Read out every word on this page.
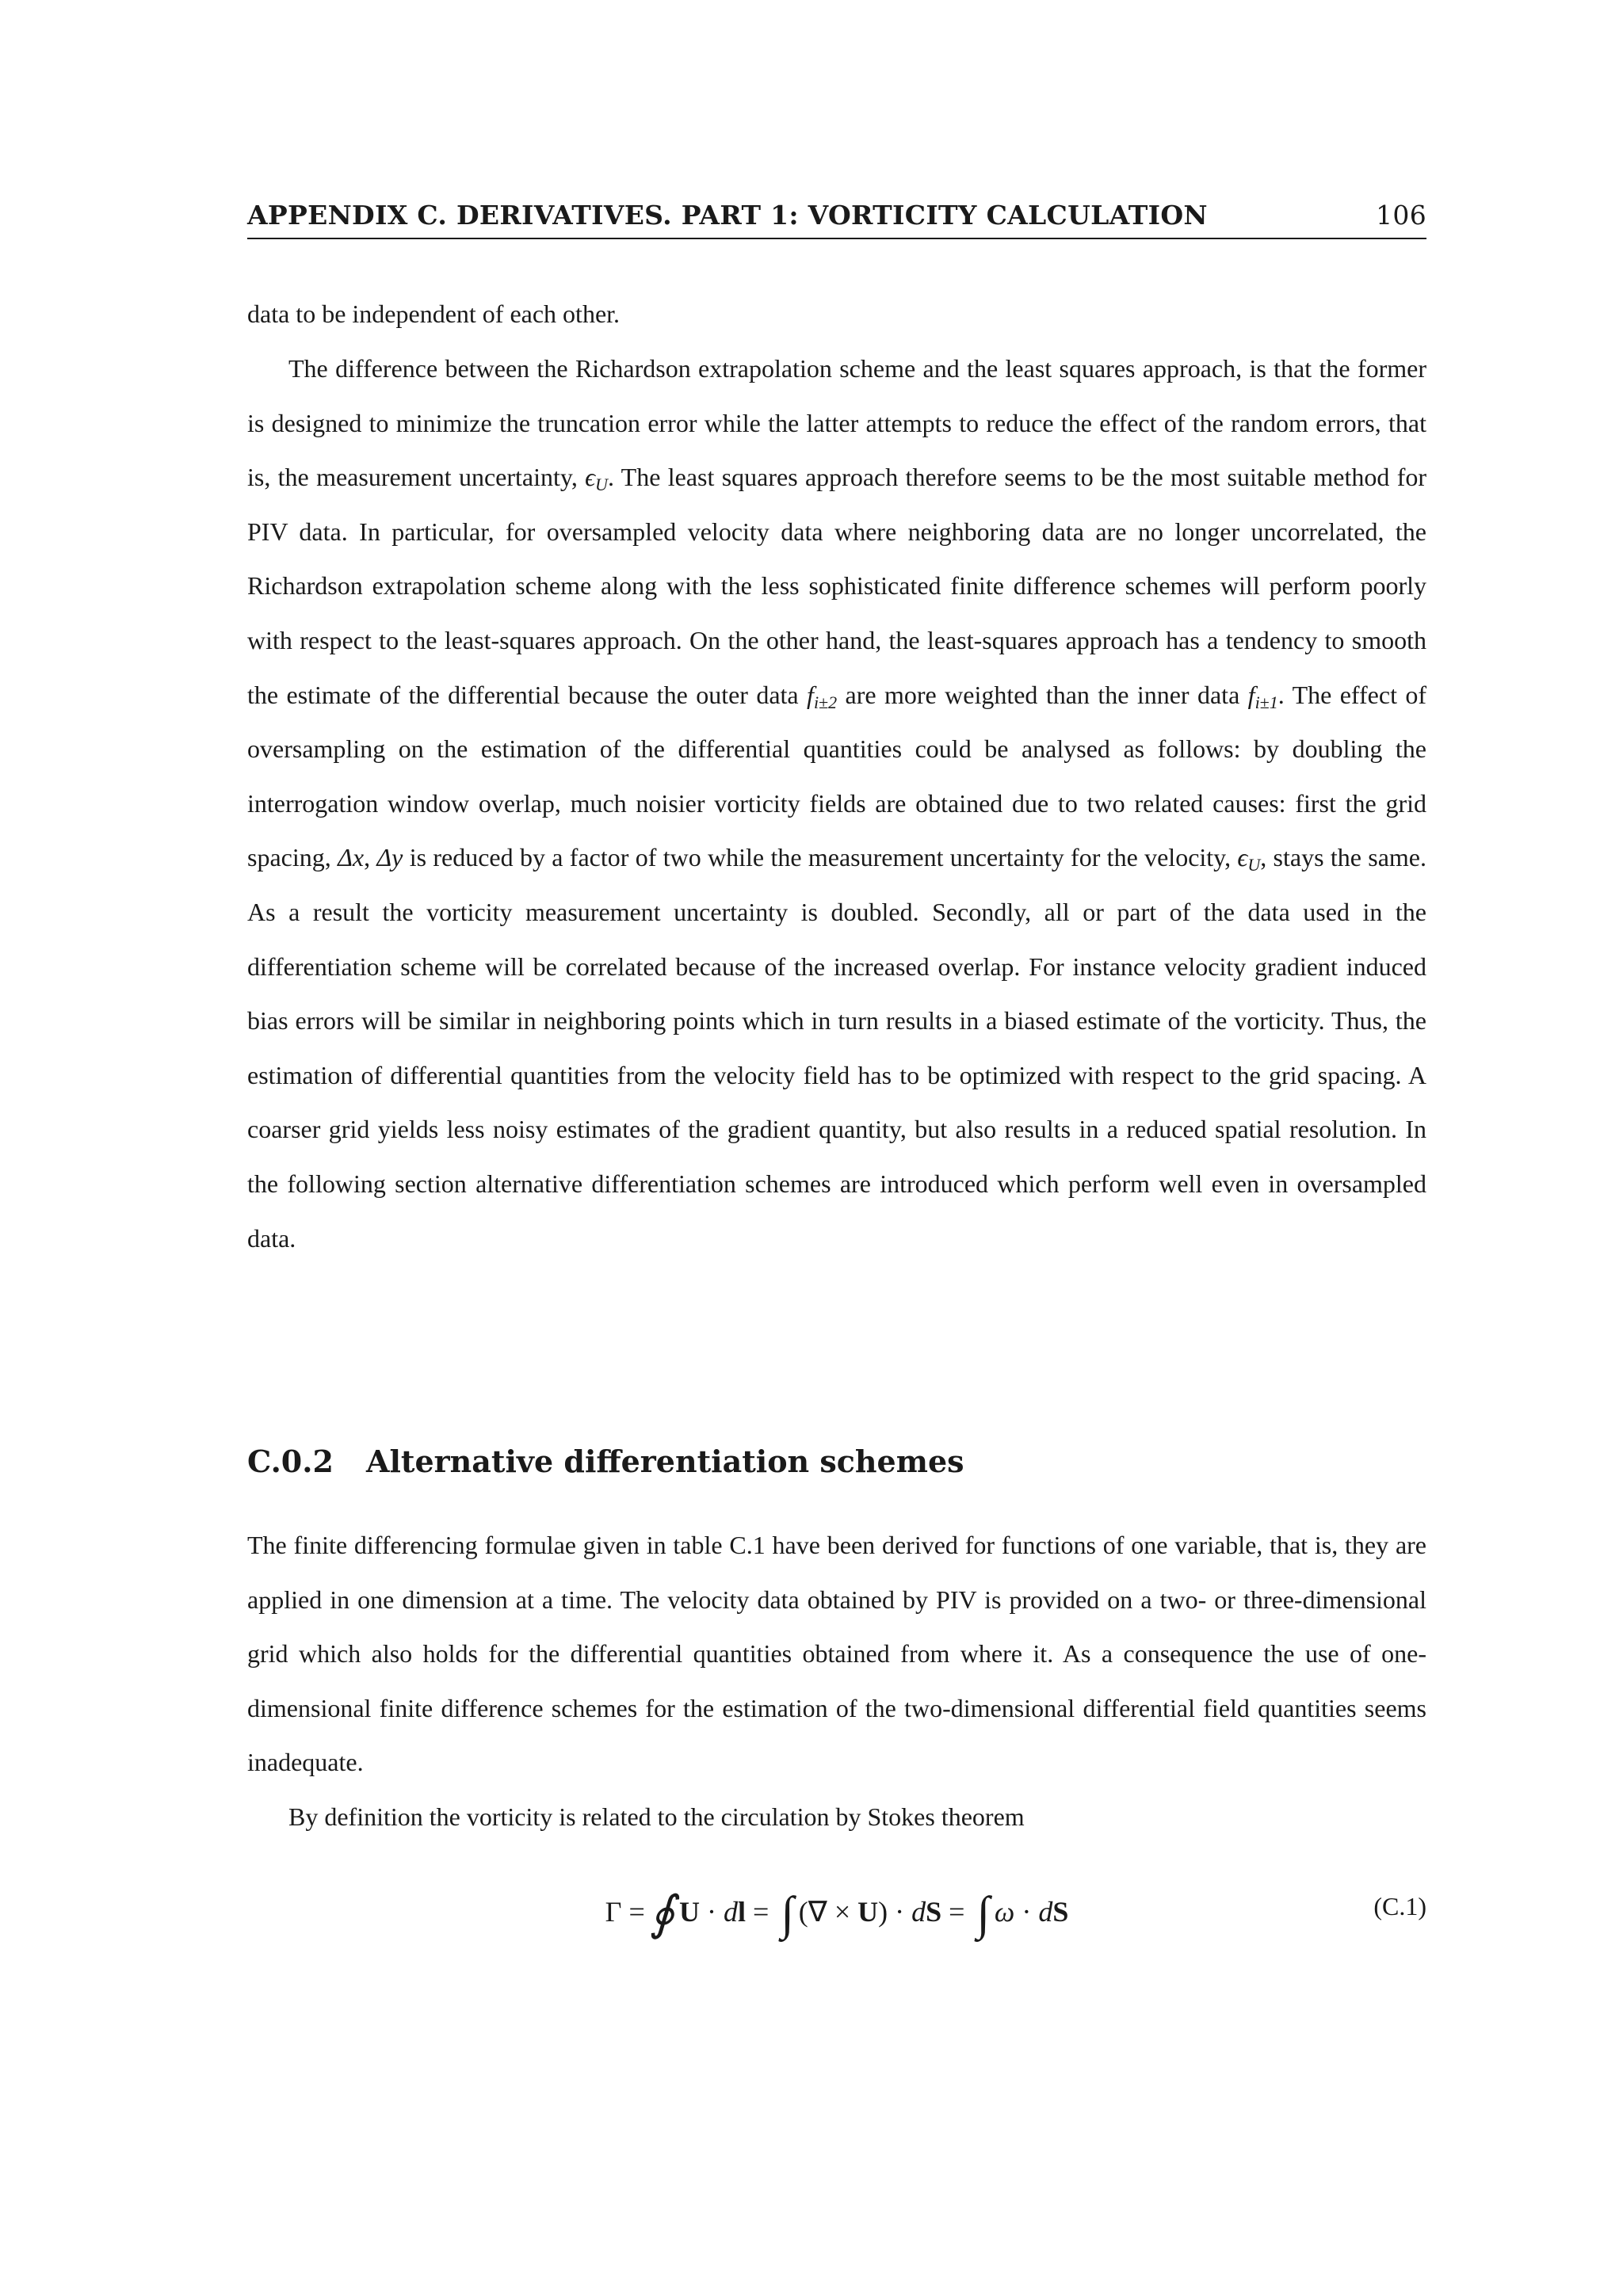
APPENDIX C. DERIVATIVES. PART 1: VORTICITY CALCULATION	106

data to be independent of each other.

The difference between the Richardson extrapolation scheme and the least squares approach, is that the former is designed to minimize the truncation error while the latter attempts to reduce the effect of the random errors, that is, the measurement uncertainty, $\epsilon_U$. The least squares approach therefore seems to be the most suitable method for PIV data. In particular, for oversampled velocity data where neighboring data are no longer uncorrelated, the Richardson extrapolation scheme along with the less sophisticated finite difference schemes will perform poorly with respect to the least-squares approach. On the other hand, the least-squares approach has a tendency to smooth the estimate of the differential because the outer data $f_{i\pm 2}$ are more weighted than the inner data $f_{i\pm 1}$. The effect of oversampling on the estimation of the differential quantities could be analysed as follows: by doubling the interrogation window overlap, much noisier vorticity fields are obtained due to two related causes: first the grid spacing, Δx, Δy is reduced by a factor of two while the measurement uncertainty for the velocity, $\epsilon_U$, stays the same. As a result the vorticity measurement uncertainty is doubled. Secondly, all or part of the data used in the differentiation scheme will be correlated because of the increased overlap. For instance velocity gradient induced bias errors will be similar in neighboring points which in turn results in a biased estimate of the vorticity. Thus, the estimation of differential quantities from the velocity field has to be optimized with respect to the grid spacing. A coarser grid yields less noisy estimates of the gradient quantity, but also results in a reduced spatial resolution. In the following section alternative differentiation schemes are introduced which perform well even in oversampled data.

C.0.2 Alternative differentiation schemes

The finite differencing formulae given in table C.1 have been derived for functions of one variable, that is, they are applied in one dimension at a time. The velocity data obtained by PIV is provided on a two- or three-dimensional grid which also holds for the differential quantities obtained from where it. As a consequence the use of one-dimensional finite difference schemes for the estimation of the two-dimensional differential field quantities seems inadequate.

By definition the vorticity is related to the circulation by Stokes theorem

Γ = ∮ U · dl = ∫ (∇ × U) · dS = ∫ ω · dS	(C.1)
